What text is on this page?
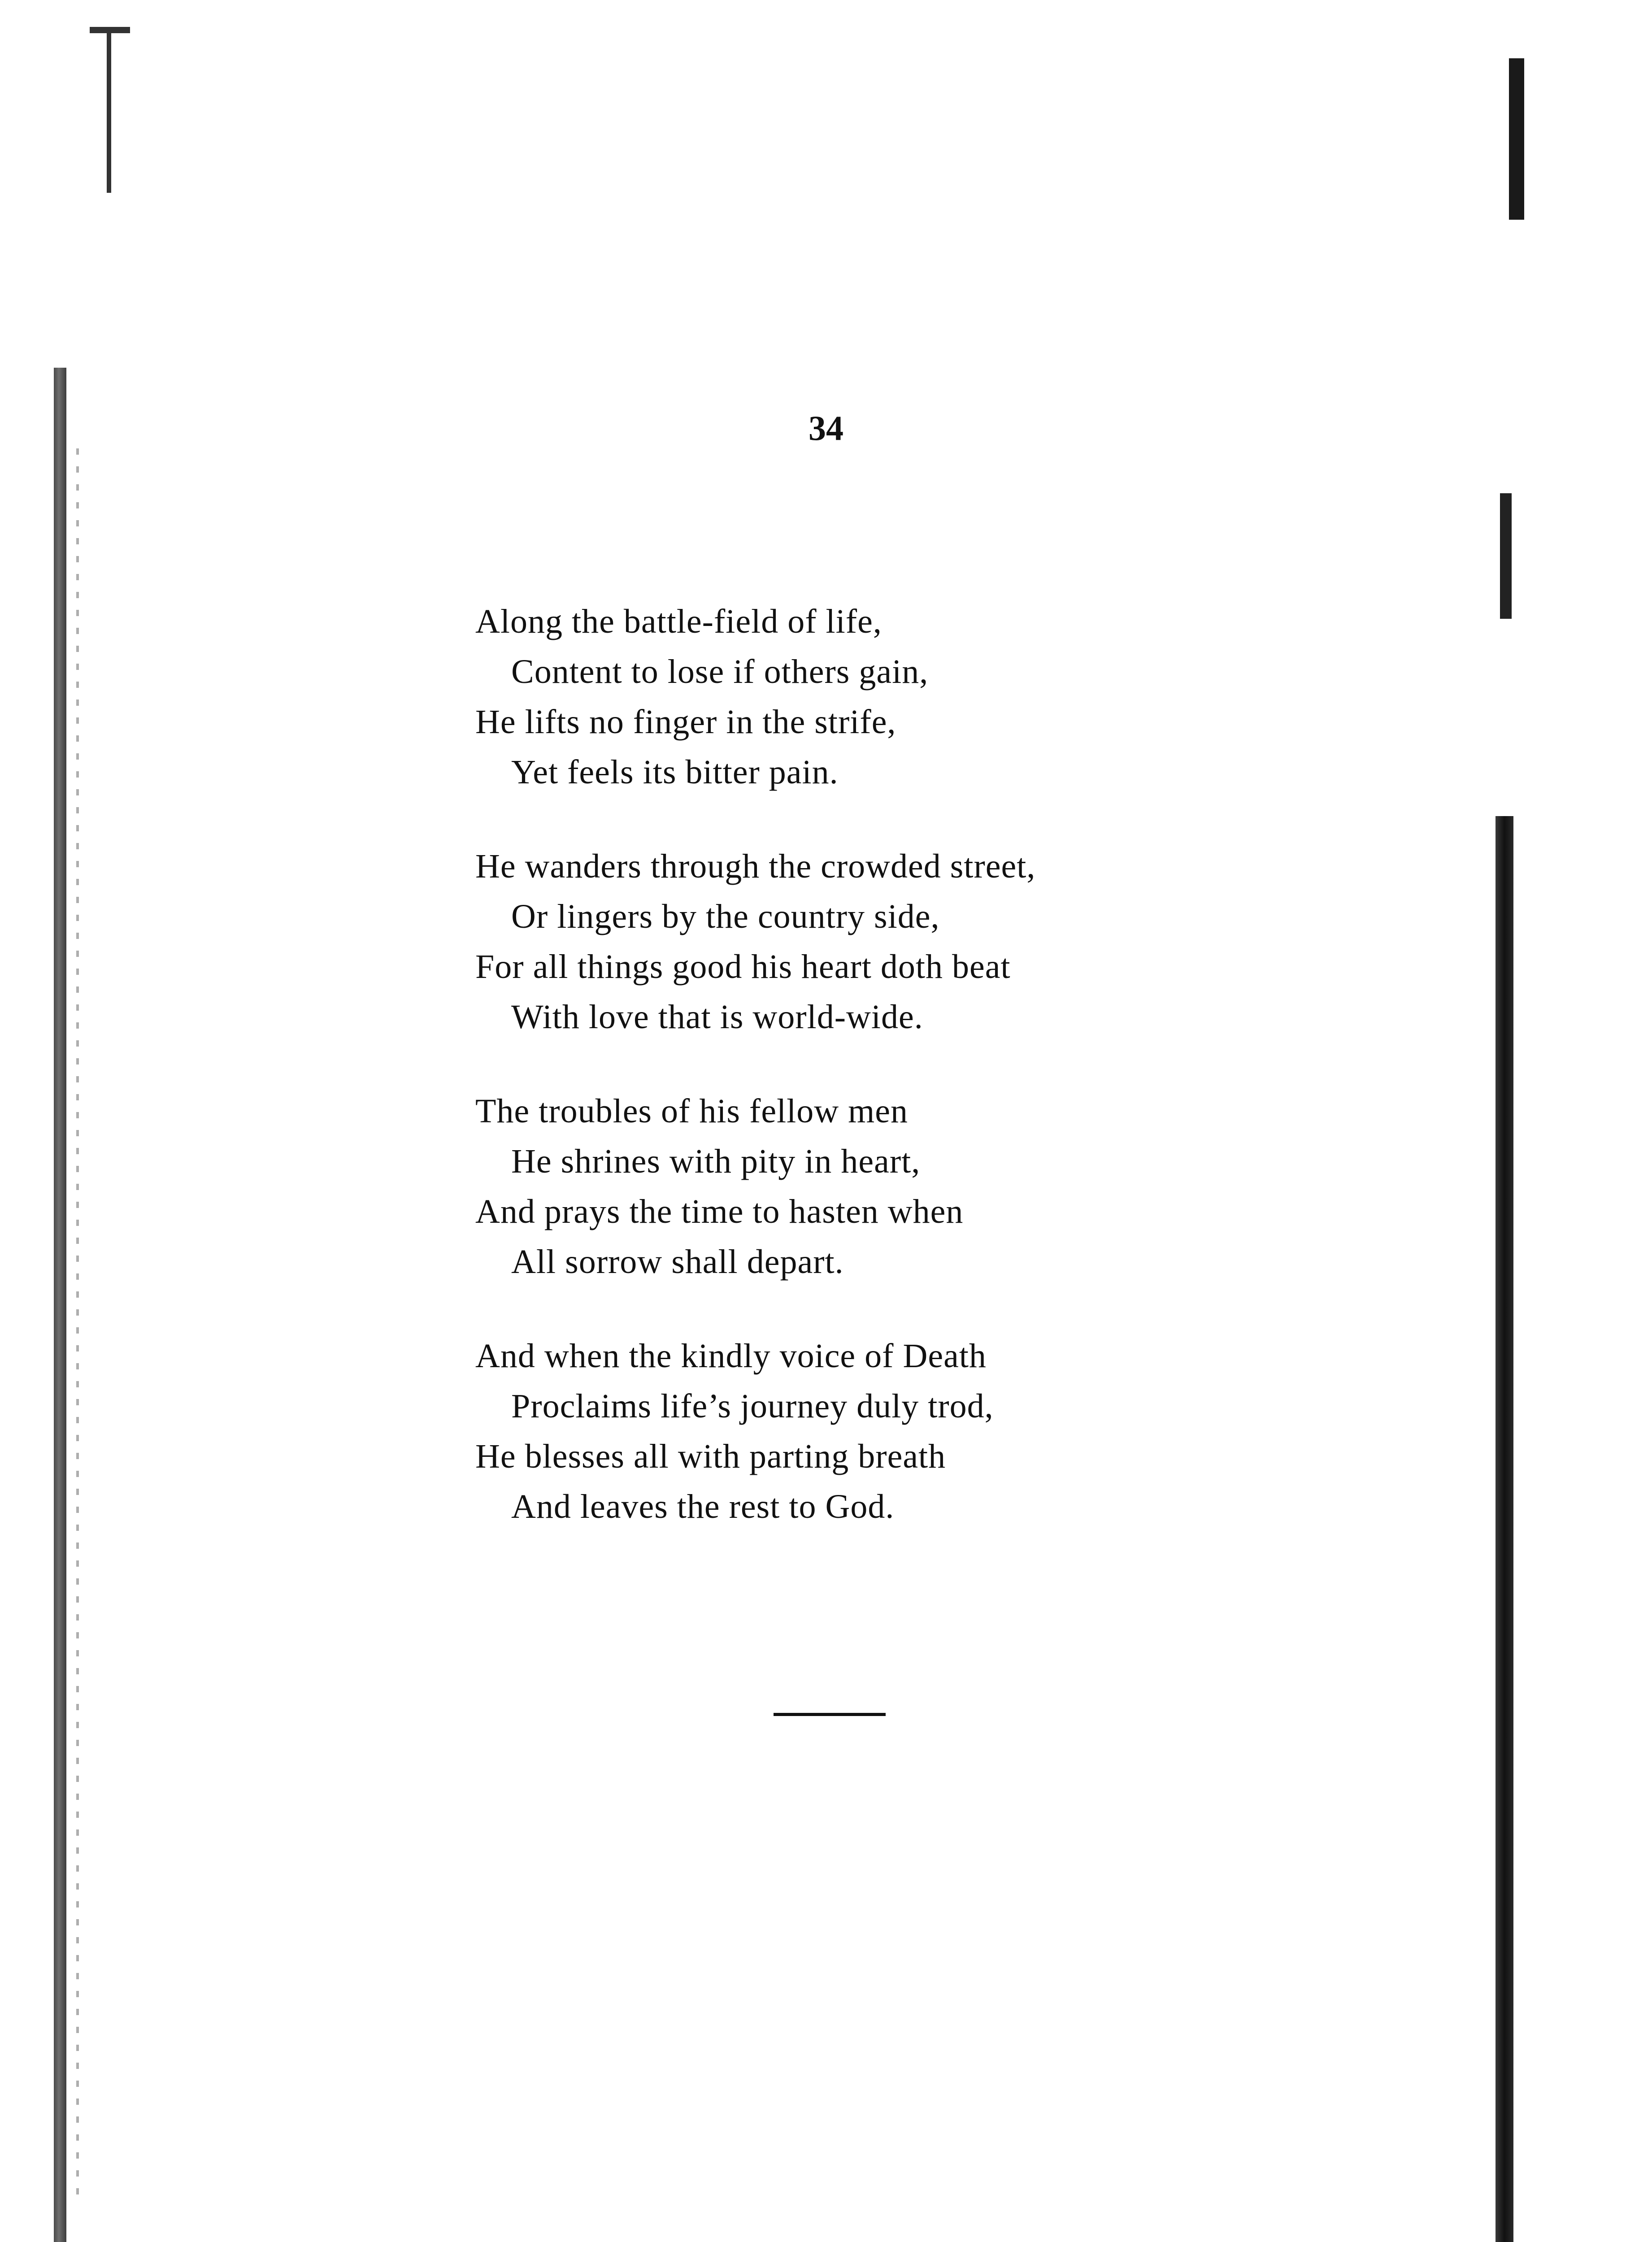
34
Along the battle-field of life,
Content to lose if others gain,
He lifts no finger in the strife,
Yet feels its bitter pain.
He wanders through the crowded street,
Or lingers by the country side,
For all things good his heart doth beat
With love that is world-wide.
The troubles of his fellow men
He shrines with pity in heart,
And prays the time to hasten when
All sorrow shall depart.
And when the kindly voice of Death
Proclaims life’s journey duly trod,
He blesses all with parting breath
And leaves the rest to God.
